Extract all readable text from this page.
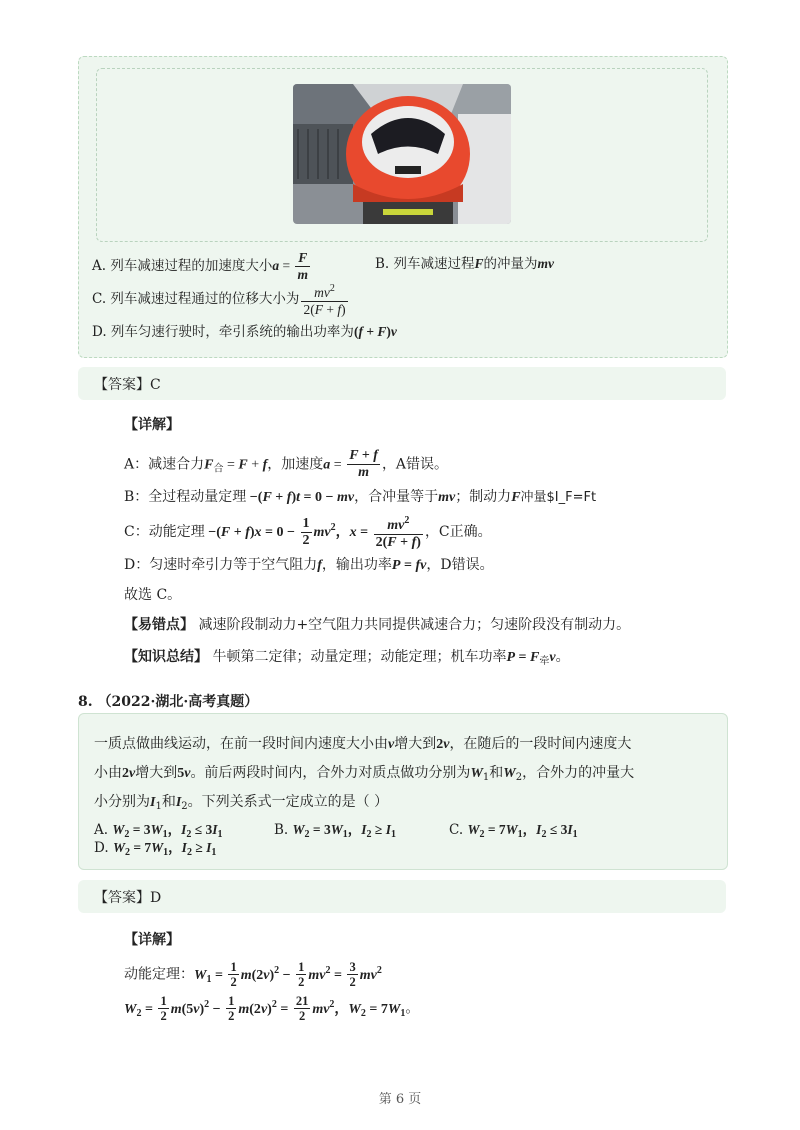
A. 列车减速过程的加速度大小$a = \frac{F}{m}$	B. 列车减速过程F的冲量为mv
C. 列车减速过程通过的位移大小为 $\frac{mv^2}{2(F + f)}$
D. 列车匀速行驶时，牵引系统的输出功率为(f + F)v
【答案】C
【详解】
A：减速合力$F_合 = F + f$，加速度$a = \frac{F + f}{m}$ ，A错误。
B：全过程动量定理 −(F + f)t = 0 − mv，合冲量等于mv；制动力F冲量$I_F=Ft
C：动能定理 $-(F + f)x = 0 - \frac{1}{2} mv^2$，$x = \frac{mv^2}{2(F + f)}$ ，C正确。
D：匀速时牵引力等于空气阻力f，输出功率P = fv，D错误。
故选 C。
【易错点】 减速阶段制动力+空气阻力共同提供减速合力；匀速阶段没有制动力。
【知识总结】 牛顿第二定律；动量定理；动能定理；机车功率$P = F_牵v$。
8. （2022·湖北·高考真题）
一质点做曲线运动，在前一段时间内速度大小由v增大到2v，在随后的一段时间内速度大
小由2v增大到5v。前后两段时间内，合外力对质点做功分别为$W_1$和$W_2$，合外力的冲量大
小分别为$I_1$和$I_2$。下列关系式一定成立的是（ ）
A. $W_2 = 3W_1$，$I_2 \le 3I_1$	B. $W_2 = 3W_1$，$I_2 \ge I_1$	C. $W_2 = 7W_1$，$I_2 \le 3I_1$
D. $W_2 = 7W_1$，$I_2 \ge I_1$
【答案】D
【详解】
动能定理：$W_1 = \frac{1}{2} m(2v)^2 - \frac{1}{2} mv^2 = \frac{3}{2} mv^2$
$W_2 = \frac{1}{2} m(5v)^2 - \frac{1}{2} m(2v)^2 = \frac{21}{2} mv^2$，$W_2 = 7W_1$。
第 6 页
